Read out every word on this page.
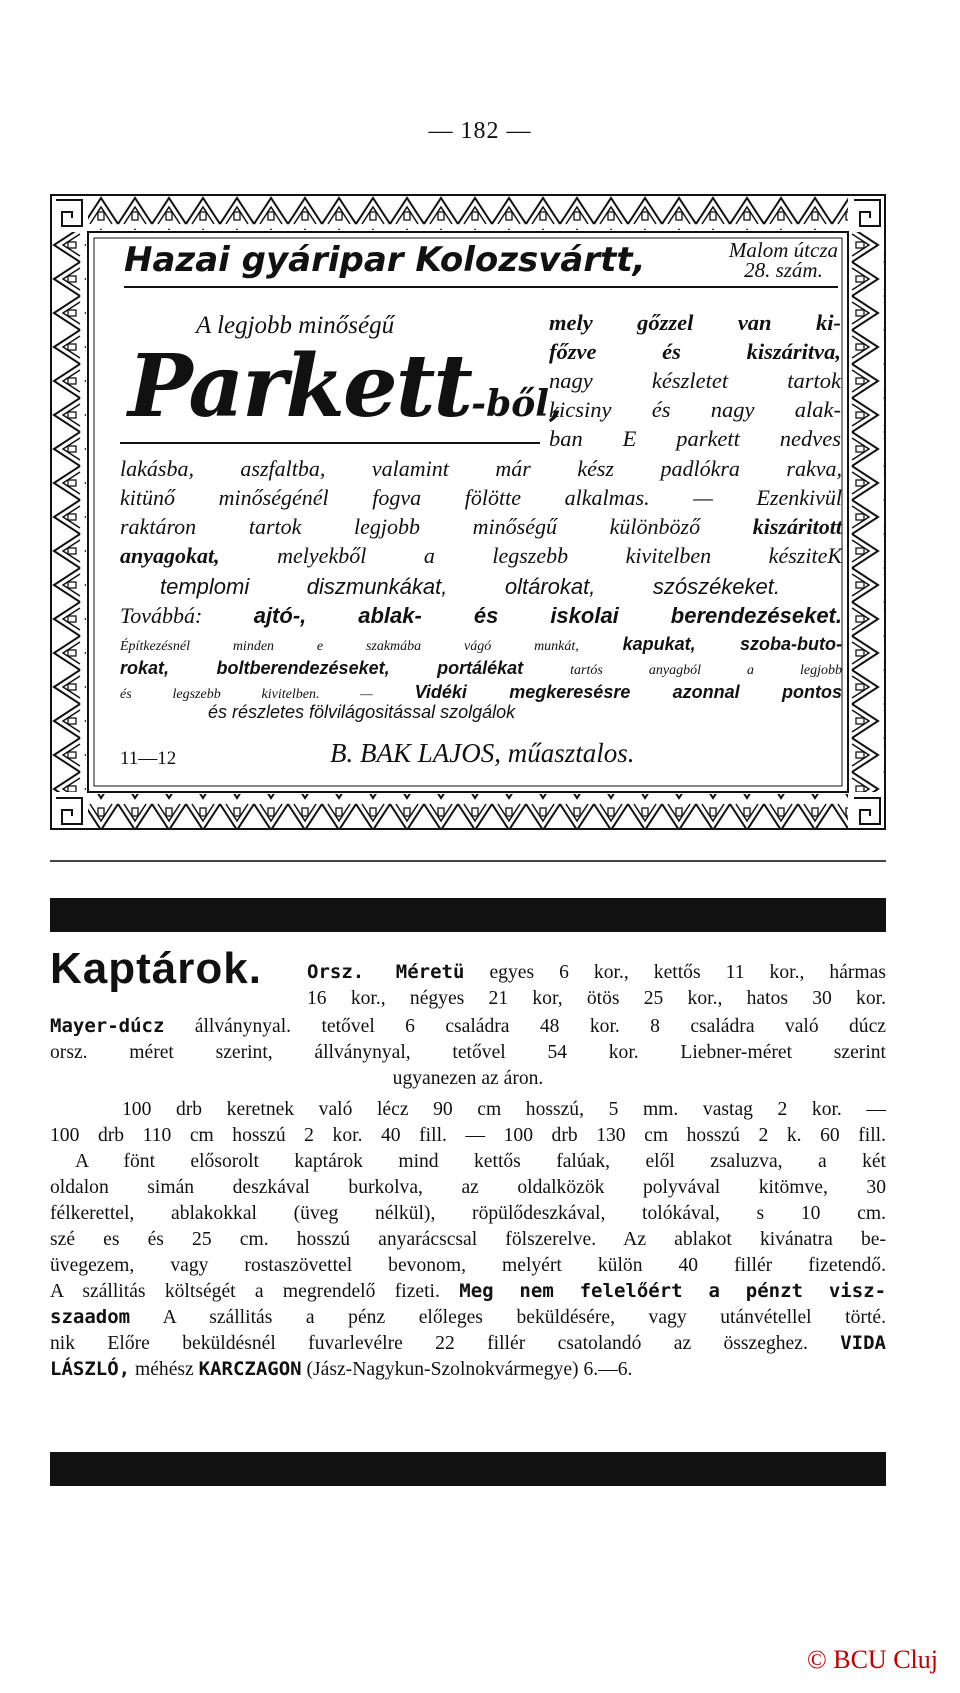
— 182 —
Hazai gyáripar Kolozsvártt,	Malom útcza
28. szám.
A legjobb minőségű
Parkett-ből,
mely gőzzel van ki-
főzve és kiszáritva,
nagy készletet tartok
kicsiny és nagy alak-
ban E parkett nedves
lakásba, aszfaltba, valamint már kész padlókra rakva,
kitünő minőségénél fogva fölötte alkalmas. — Ezenkivül
raktáron tartok legjobb minőségű különböző kiszáritott
anyagokat,	melyekből a legszebb kivitelben késziteK
templomi diszmunkákat, oltárokat, szószékeket.
Továbbá: ajtó-, ablak- és iskolai berendezéseket.
Építkezésnél minden e szakmába vágó munkát, kapukat, szoba-buto-
rokat, boltberendezéseket, portálékat	tartós anyagból a legjobb
és legszebb kivitelben. — Vidéki megkeresésre azonnal pontos
és részletes fölvilágositással szolgálok
11—12	B. BAK LAJOS, műasztalos.
Kaptárok. Orsz. Méretü egyes 6 kor., kettős 11 kor., hármas
16 kor., négyes 21 kor, ötös 25 kor., hatos 30 kor.
Mayer-dúcz állványnyal. tetővel 6 családra 48 kor. 8 családra való dúcz
orsz. méret szerint, állványnyal, tetővel 54 kor. Liebner-méret szerint
ugyanezen az áron.
100 drb keretnek való lécz 90 cm hosszú, 5 mm. vastag 2 kor. —
100 drb 110 cm hosszú 2 kor. 40 fill. — 100 drb 130 cm hosszú 2 k. 60 fill.
A fönt elősorolt kaptárok mind kettős falúak, elől zsaluzva, a két
oldalon simán deszkával burkolva, az oldalközök polyvával kitömve, 30
félkerettel, ablakokkal (üveg nélkül), röpülődeszkával, tolókával, s 10 cm.
szé es és 25 cm. hosszú anyarácscsal fölszerelve. Az ablakot kivánatra be-
üvegezem, vagy rostaszövettel bevonom, melyért külön 40 fillér fizetendő.
A szállitás költségét a megrendelő fizeti. Meg nem felelőért a pénzt visz-
szaadom A szállitás a pénz előleges beküldésére, vagy utánvétellel törté.
nik Előre beküldésnél fuvarlevélre 22 fillér csatolandó az összeghez. VIDA
LÁSZLÓ, méhész KARCZAGON (Jász-Nagykun-Szolnokvármegye) 6.—6.
© BCU Cluj
